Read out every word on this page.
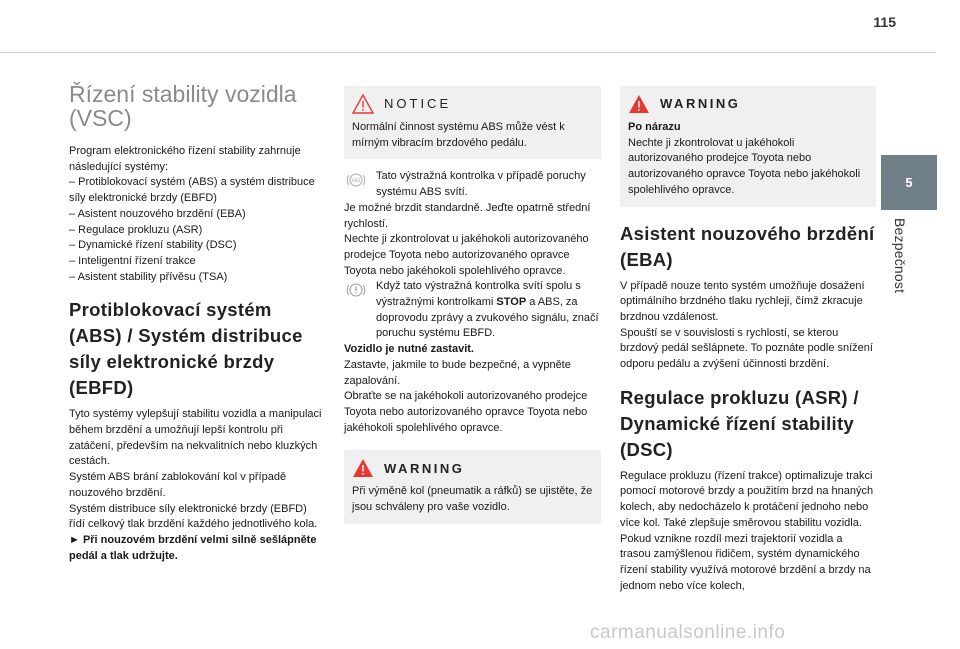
115
5
Bezpečnost
Řízení stability vozidla (VSC)

Program elektronického řízení stability zahrnuje následující systémy:
– Protiblokovací systém (ABS) a systém distribuce síly elektronické brzdy (EBFD)
– Asistent nouzového brzdění (EBA)
– Regulace prokluzu (ASR)
– Dynamické řízení stability (DSC)
– Inteligentní řízení trakce
– Asistent stability přívěsu (TSA)

Protiblokovací systém (ABS) / Systém distribuce síly elektronické brzdy (EBFD)

Tyto systémy vylepšují stabilitu vozidla a manipulaci během brzdění a umožňují lepší kontrolu při zatáčení, především na nekvalitních nebo kluzkých cestách.
Systém ABS brání zablokování kol v případě nouzového brzdění.
Systém distribuce síly elektronické brzdy (EBFD) řídí celkový tlak brzdění každého jednotlivého kola.

► Při nouzovém brzdění velmi silně sešlápněte pedál a tlak udržujte.

NOTICE

Normální činnost systému ABS může vést k mírným vibracím brzdového pedálu.

ABS Tato výstražná kontrolka v případě poruchy systému ABS svítí.

Je možné brzdit standardně. Jeďte opatrně střední rychlostí.
Nechte ji zkontrolovat u jakéhokoli autorizovaného prodejce Toyota nebo autorizovaného opravce Toyota nebo jakéhokoli spolehlivého opravce.

Když tato výstražná kontrolka svítí spolu s výstražnými kontrolkami STOP a ABS, za doprovodu zprávy a zvukového signálu, značí poruchu systému EBFD.

Vozidlo je nutné zastavit.

Zastavte, jakmile to bude bezpečné, a vypněte zapalování.
Obraťte se na jakéhokoli autorizovaného prodejce Toyota nebo autorizovaného opravce Toyota nebo jakéhokoli spolehlivého opravce.

WARNING

Při výměně kol (pneumatik a ráfků) se ujistěte, že jsou schváleny pro vaše vozidlo.

WARNING

Po nárazu

Nechte ji zkontrolovat u jakéhokoli autorizovaného prodejce Toyota nebo autorizovaného opravce Toyota nebo jakéhokoli spolehlivého opravce.

Asistent nouzového brzdění (EBA)

V případě nouze tento systém umožňuje dosažení optimálního brzdného tlaku rychleji, čímž zkracuje brzdnou vzdálenost.
Spouští se v souvislosti s rychlostí, se kterou brzdový pedál sešlápnete. To poznáte podle snížení odporu pedálu a zvýšení účinnosti brzdění.

Regulace prokluzu (ASR) / Dynamické řízení stability (DSC)

Regulace prokluzu (řízení trakce) optimalizuje trakci pomocí motorové brzdy a použitím brzd na hnaných kolech, aby nedocházelo k protáčení jednoho nebo více kol. Také zlepšuje směrovou stabilitu vozidla.
Pokud vznikne rozdíl mezi trajektorií vozidla a trasou zamýšlenou řidičem, systém dynamického řízení stability využívá motorové brzdění a brzdy na jednom nebo více kolech,

carmanualsonline.info
